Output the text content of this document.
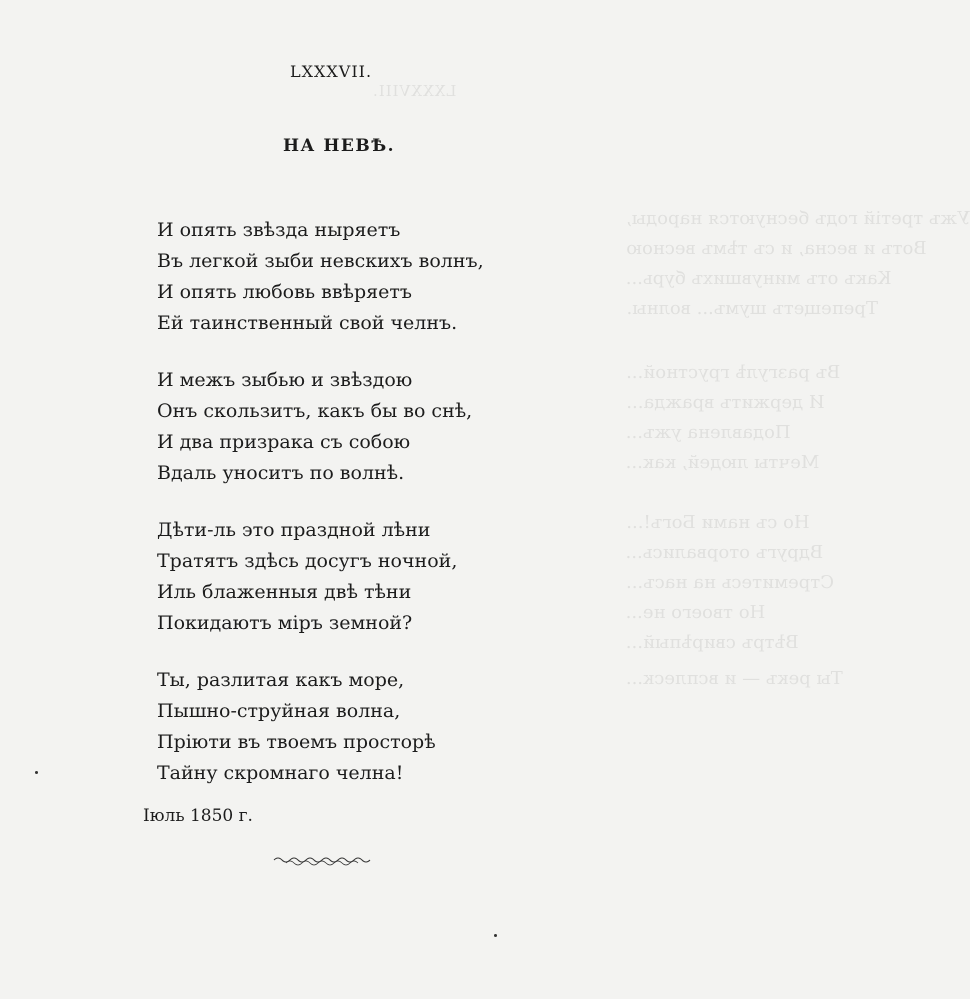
LXXXVIII.
Ужъ третій годъ беснуются народы,
Вотъ и весна, и съ тѣмъ весною
Какъ отъ минувшихъ бурь...
Трепещетъ шумъ... волны.
Въ разгулѣ грустной...
И держитъ вражда...
Подавлена ужъ...
Мечты людей, как...
Но съ нами Богъ!...
Вдругъ оторвались...
Стремитесь на насъ...
Но твоего не...
Вѣтръ свирѣпый...
Ты рекъ — и всплеск...
LXXXVII.
НА НЕВѢ.
И опять звѣзда ныряетъ
Въ легкой зыби невскихъ волнъ,
И опять любовь ввѣряетъ
Ей таинственный свой челнъ.
И межъ зыбью и звѣздою
Онъ скользитъ, какъ бы во снѣ,
И два призрака съ собою
Вдаль уноситъ по волнѣ.
Дѣти-ль это праздной лѣни
Тратятъ здѣсь досугъ ночной,
Иль блаженныя двѣ тѣни
Покидаютъ міръ земной?
Ты, разлитая какъ море,
Пышно-струйная волна,
Пріюти въ твоемъ просторѣ
Тайну скромнаго челна!
Іюль 1850 г.
